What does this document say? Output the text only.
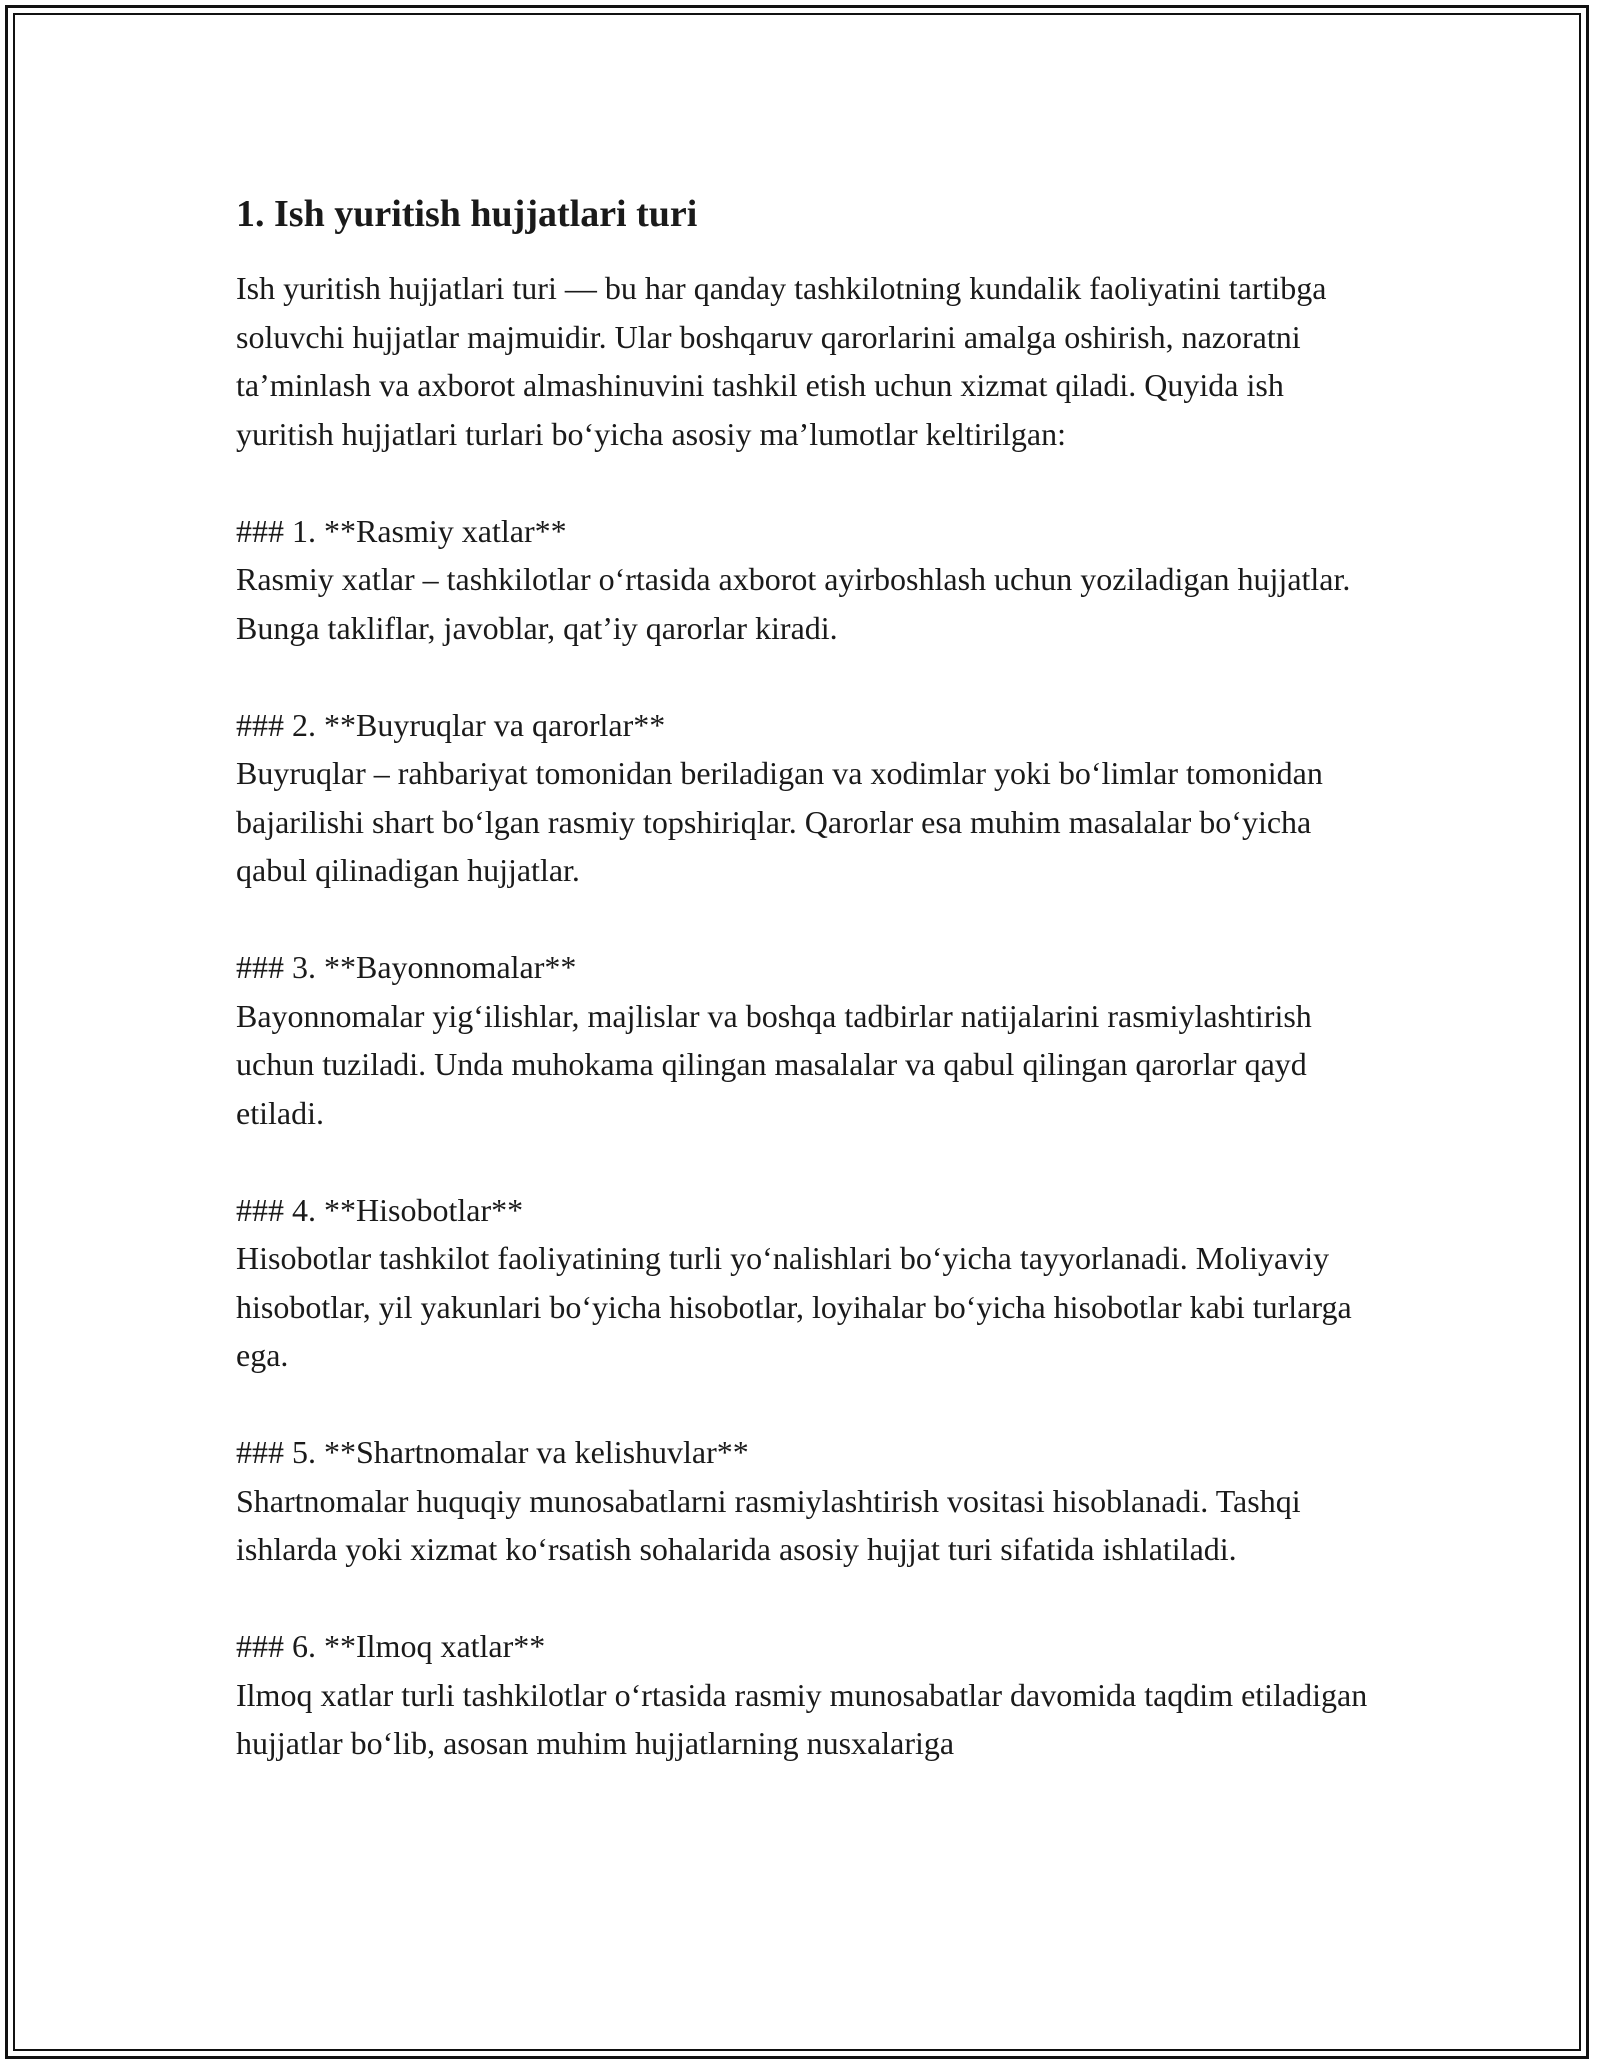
1. Ish yuritish hujjatlari turi

Ish yuritish hujjatlari turi — bu har qanday tashkilotning kundalik faoliyatini tartibga soluvchi hujjatlar majmuidir. Ular boshqaruv qarorlarini amalga oshirish, nazoratni ta’minlash va axborot almashinuvini tashkil etish uchun xizmat qiladi. Quyida ish yuritish hujjatlari turlari bo‘yicha asosiy ma’lumotlar keltirilgan:

### 1. **Rasmiy xatlar**

Rasmiy xatlar – tashkilotlar o‘rtasida axborot ayirboshlash uchun yoziladigan hujjatlar. Bunga takliflar, javoblar, qat’iy qarorlar kiradi.

### 2. **Buyruqlar va qarorlar**

Buyruqlar – rahbariyat tomonidan beriladigan va xodimlar yoki bo‘limlar tomonidan bajarilishi shart bo‘lgan rasmiy topshiriqlar. Qarorlar esa muhim masalalar bo‘yicha qabul qilinadigan hujjatlar.

### 3. **Bayonnomalar**

Bayonnomalar yig‘ilishlar, majlislar va boshqa tadbirlar natijalarini rasmiylashtirish uchun tuziladi. Unda muhokama qilingan masalalar va qabul qilingan qarorlar qayd etiladi.

### 4. **Hisobotlar**

Hisobotlar tashkilot faoliyatining turli yo‘nalishlari bo‘yicha tayyorlanadi. Moliyaviy hisobotlar, yil yakunlari bo‘yicha hisobotlar, loyihalar bo‘yicha hisobotlar kabi turlarga ega.

### 5. **Shartnomalar va kelishuvlar**

Shartnomalar huquqiy munosabatlarni rasmiylashtirish vositasi hisoblanadi. Tashqi ishlarda yoki xizmat ko‘rsatish sohalarida asosiy hujjat turi sifatida ishlatiladi.

### 6. **Ilmoq xatlar**

Ilmoq xatlar turli tashkilotlar o‘rtasida rasmiy munosabatlar davomida taqdim etiladigan hujjatlar bo‘lib, asosan muhim hujjatlarning nusxalariga
